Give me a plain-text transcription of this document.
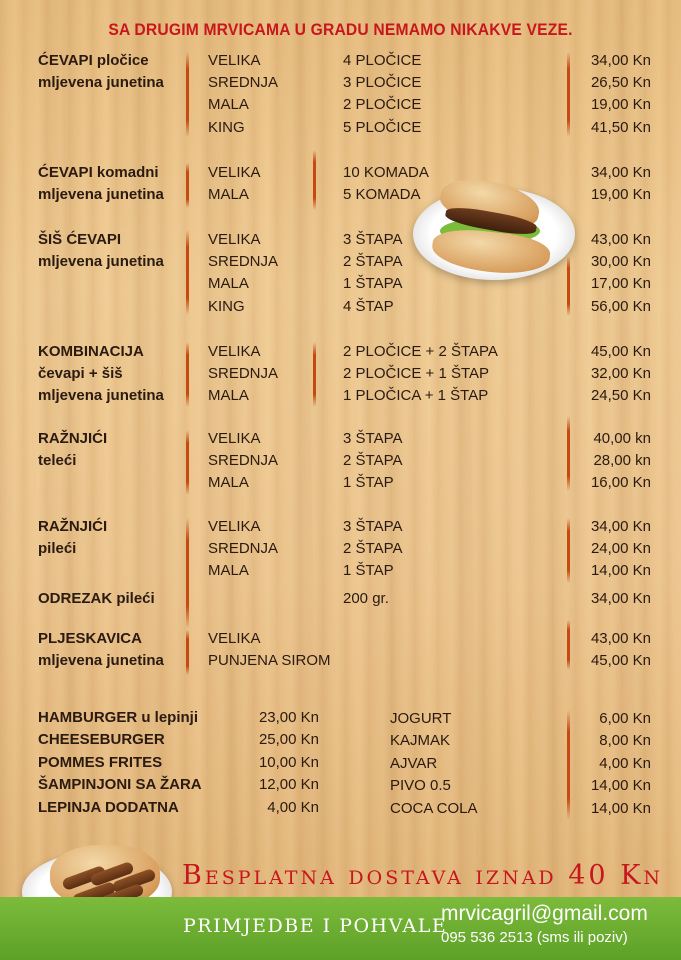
SA DRUGIM MRVICAMA U GRADU NEMAMO NIKAKVE VEZE.
ĆEVAPI pločice
mljevena junetina
VELIKA	4 PLOČICE	34,00 Kn
SREDNJA	3 PLOČICE	26,50 Kn
MALA	2 PLOČICE	19,00 Kn
KING	5 PLOČICE	41,50 Kn
ĆEVAPI komadni
mljevena junetina
VELIKA	10 KOMADA	34,00 Kn
MALA	5 KOMADA	19,00 Kn
ŠIŠ ĆEVAPI
mljevena junetina
VELIKA	3 ŠTAPA	43,00 Kn
SREDNJA	2 ŠTAPA	30,00 Kn
MALA	1 ŠTAPA	17,00 Kn
KING	4 ŠTAP	56,00 Kn
KOMBINACIJA
čevapi + šiš
mljevena junetina
VELIKA	2 PLOČICE + 2 ŠTAPA	45,00 Kn
SREDNJA	2 PLOČICE + 1 ŠTAP	32,00 Kn
MALA	1 PLOČICA + 1 ŠTAP	24,50 Kn
RAŽNJIĆI
teleći
VELIKA	3 ŠTAPA	40,00 kn
SREDNJA	2 ŠTAPA	28,00 kn
MALA	1 ŠTAP	16,00 Kn
RAŽNJIĆI
pileći
VELIKA	3 ŠTAPA	34,00 Kn
SREDNJA	2 ŠTAPA	24,00 Kn
MALA	1 ŠTAP	14,00 Kn
ODREZAK pileći	200 gr.	34,00 Kn
PLJESKAVICA
mljevena junetina
VELIKA	43,00 Kn
PUNJENA SIROM	45,00 Kn
HAMBURGER u lepinji	23,00 Kn
CHEESEBURGER	25,00 Kn
POMMES FRITES	10,00 Kn
ŠAMPINJONI SA ŽARA	12,00 Kn
LEPINJA DODATNA	4,00 Kn
JOGURT	6,00 Kn
KAJMAK	8,00 Kn
AJVAR	4,00 Kn
PIVO 0.5	14,00 Kn
COCA COLA	14,00 Kn
Besplatna dostava iznad 40 Kn
PRIMJEDBE I POHVALE
mrvicagril@gmail.com
095 536 2513 (sms ili poziv)
